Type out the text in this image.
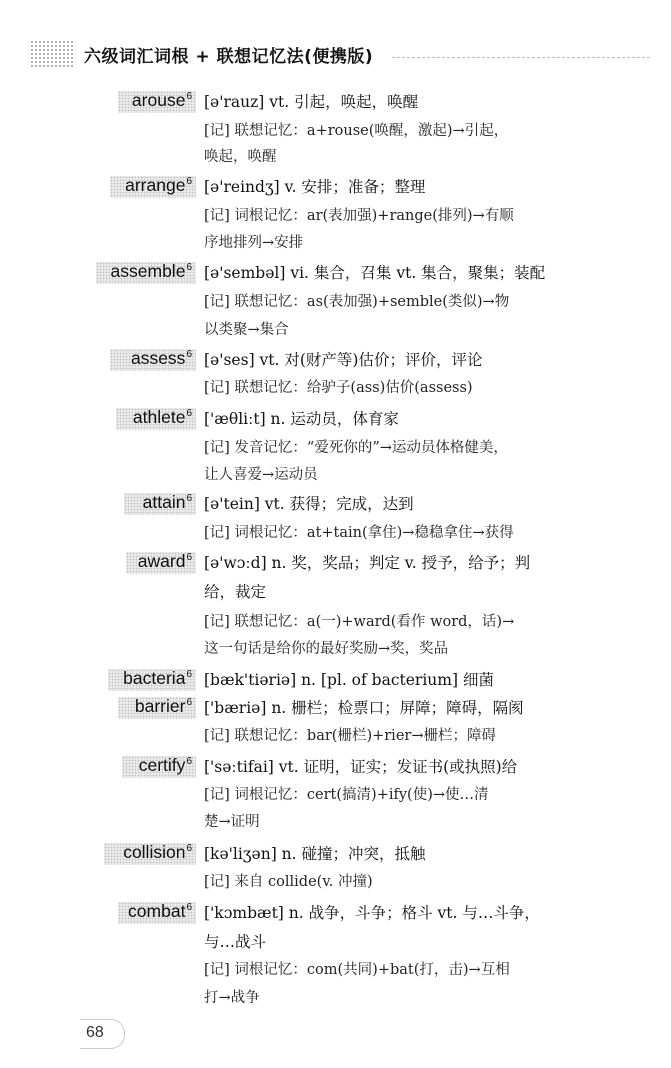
六级词汇词根 + 联想记忆法(便携版)
arouse$^6$ [ə'rauz] vt. 引起，唤起，唤醒
[记] 联想记忆：a+rouse(唤醒，激起)→引起，
唤起，唤醒
arrange$^6$ [ə'reindʒ] v. 安排；准备；整理
[记] 词根记忆：ar(表加强)+range(排列)→有顺
序地排列→安排
assemble$^6$ [ə'sembəl] vi. 集合，召集 vt. 集合，聚集；装配
[记] 联想记忆：as(表加强)+semble(类似)→物
以类聚→集合
assess$^6$ [ə'ses] vt. 对(财产等)估价；评价，评论
[记] 联想记忆：给驴子(ass)估价(assess)
athlete$^6$ ['æθliːt] n. 运动员，体育家
[记] 发音记忆：“爱死你的”→运动员体格健美，
让人喜爱→运动员
attain$^6$ [ə'tein] vt. 获得；完成，达到
[记] 词根记忆：at+tain(拿住)→稳稳拿住→获得
award$^6$ [ə'wɔːd] n. 奖，奖品；判定 v. 授予，给予；判
给，裁定
[记] 联想记忆：a(一)+ward(看作 word，话)→
这一句话是给你的最好奖励→奖，奖品
bacteria$^6$ [bæk'tiəriə] n. [pl. of bacterium] 细菌
barrier$^6$ ['bæriə] n. 栅栏；检票口；屏障；障碍，隔阂
[记] 联想记忆：bar(栅栏)+rier→栅栏；障碍
certify$^6$ ['səːtifai] vt. 证明，证实；发证书(或执照)给
[记] 词根记忆：cert(搞清)+ify(使)→使…清
楚→证明
collision$^6$ [kə'liʒən] n. 碰撞；冲突，抵触
[记] 来自 collide(v. 冲撞)
combat$^6$ ['kɔmbæt] n. 战争，斗争；格斗 vt. 与…斗争，
与…战斗
[记] 词根记忆：com(共同)+bat(打，击)→互相
打→战争
68
